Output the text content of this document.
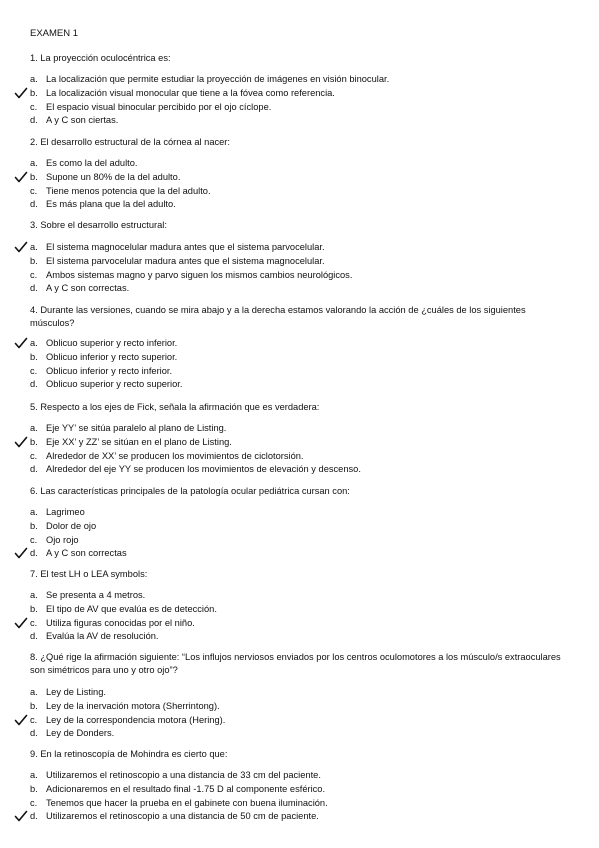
EXAMEN 1
1. La proyección oculocéntrica es:
a. La localización que permite estudiar la proyección de imágenes en visión binocular.
b. La localización visual monocular que tiene a la fóvea como referencia.
c. El espacio visual binocular percibido por el ojo cíclope.
d. A y C son ciertas.
2. El desarrollo estructural de la córnea al nacer:
a. Es como la del adulto.
b. Supone un 80% de la del adulto.
c. Tiene menos potencia que la del adulto.
d. Es más plana que la del adulto.
3. Sobre el desarrollo estructural:
a. El sistema magnocelular madura antes que el sistema parvocelular.
b. El sistema parvocelular madura antes que el sistema magnocelular.
c. Ambos sistemas magno y parvo siguen los mismos cambios neurológicos.
d. A y C son correctas.
4. Durante las versiones, cuando se mira abajo y a la derecha estamos valorando la acción de ¿cuáles de los siguientes músculos?
a. Oblicuo superior y recto inferior.
b. Oblicuo inferior y recto superior.
c. Oblicuo inferior y recto inferior.
d. Oblicuo superior y recto superior.
5. Respecto a los ejes de Fick, señala la afirmación que es verdadera:
a. Eje YY’ se sitúa paralelo al plano de Listing.
b. Eje XX’ y ZZ’ se sitúan en el plano de Listing.
c. Alrededor de XX’ se producen los movimientos de ciclotorsión.
d. Alrededor del eje YY se producen los movimientos de elevación y descenso.
6. Las características principales de la patología ocular pediátrica cursan con:
a. Lagrimeo
b. Dolor de ojo
c. Ojo rojo
d. A y C son correctas
7. El test LH o LEA symbols:
a. Se presenta a 4 metros.
b. El tipo de AV que evalúa es de detección.
c. Utiliza figuras conocidas por el niño.
d. Evalúa la AV de resolución.
8. ¿Qué rige la afirmación siguiente: “Los influjos nerviosos enviados por los centros oculomotores a los músculo/s extraoculares son simétricos para uno y otro ojo”?
a. Ley de Listing.
b. Ley de la inervación motora (Sherrintong).
c. Ley de la correspondencia motora (Hering).
d. Ley de Donders.
9. En la retinoscopía de Mohindra es cierto que:
a. Utilizaremos el retinoscopio a una distancia de 33 cm del paciente.
b. Adicionaremos en el resultado final -1.75 D al componente esférico.
c. Tenemos que hacer la prueba en el gabinete con buena iluminación.
d. Utilizaremos el retinoscopio a una distancia de 50 cm de paciente.
